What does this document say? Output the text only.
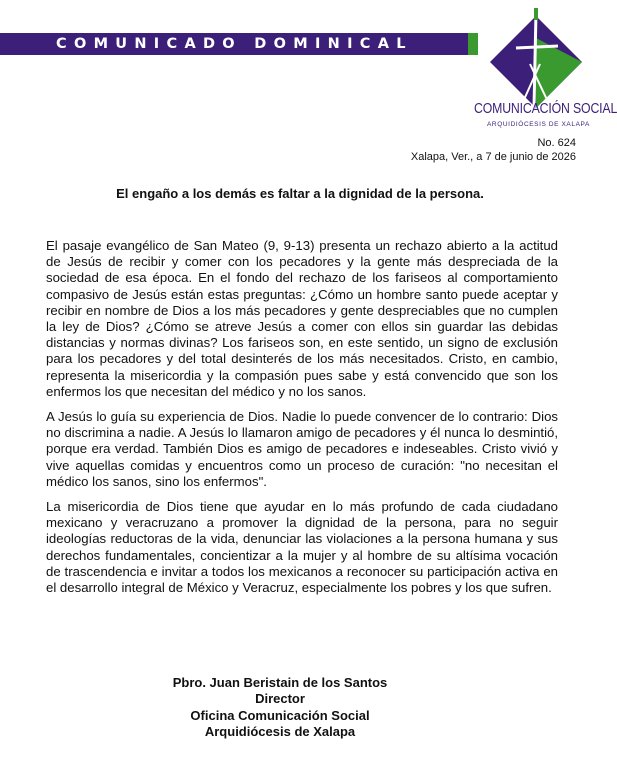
COMUNICADO DOMINICAL
COMUNICACIÓN SOCIAL
ARQUIDIÓCESIS DE XALAPA
No. 624
Xalapa, Ver., a 7 de junio de 2026
El engaño a los demás es faltar a la dignidad de la persona.

El pasaje evangélico de San Mateo (9, 9-13) presenta un rechazo abierto a la actitud de Jesús de recibir y comer con los pecadores y la gente más despreciada de la sociedad de esa época. En el fondo del rechazo de los fariseos al comportamiento compasivo de Jesús están estas preguntas: ¿Cómo un hombre santo puede aceptar y recibir en nombre de Dios a los más pecadores y gente despreciables que no cumplen la ley de Dios? ¿Cómo se atreve Jesús a comer con ellos sin guardar las debidas distancias y normas divinas? Los fariseos son, en este sentido, un signo de exclusión para los pecadores y del total desinterés de los más necesitados. Cristo, en cambio, representa la misericordia y la compasión pues sabe y está convencido que son los enfermos los que necesitan del médico y no los sanos.

A Jesús lo guía su experiencia de Dios. Nadie lo puede convencer de lo contrario: Dios no discrimina a nadie. A Jesús lo llamaron amigo de pecadores y él nunca lo desmintió, porque era verdad. También Dios es amigo de pecadores e indeseables. Cristo vivió y vive aquellas comidas y encuentros como un proceso de curación: "no necesitan el médico los sanos, sino los enfermos".

La misericordia de Dios tiene que ayudar en lo más profundo de cada ciudadano mexicano y veracruzano a promover la dignidad de la persona, para no seguir ideologías reductoras de la vida, denunciar las violaciones a la persona humana y sus derechos fundamentales, concientizar a la mujer y al hombre de su altísima vocación de trascendencia e invitar a todos los mexicanos a reconocer su participación activa en el desarrollo integral de México y Veracruz, especialmente los pobres y los que sufren.

Pbro. Juan Beristain de los Santos
Director
Oficina Comunicación Social
Arquidiócesis de Xalapa
